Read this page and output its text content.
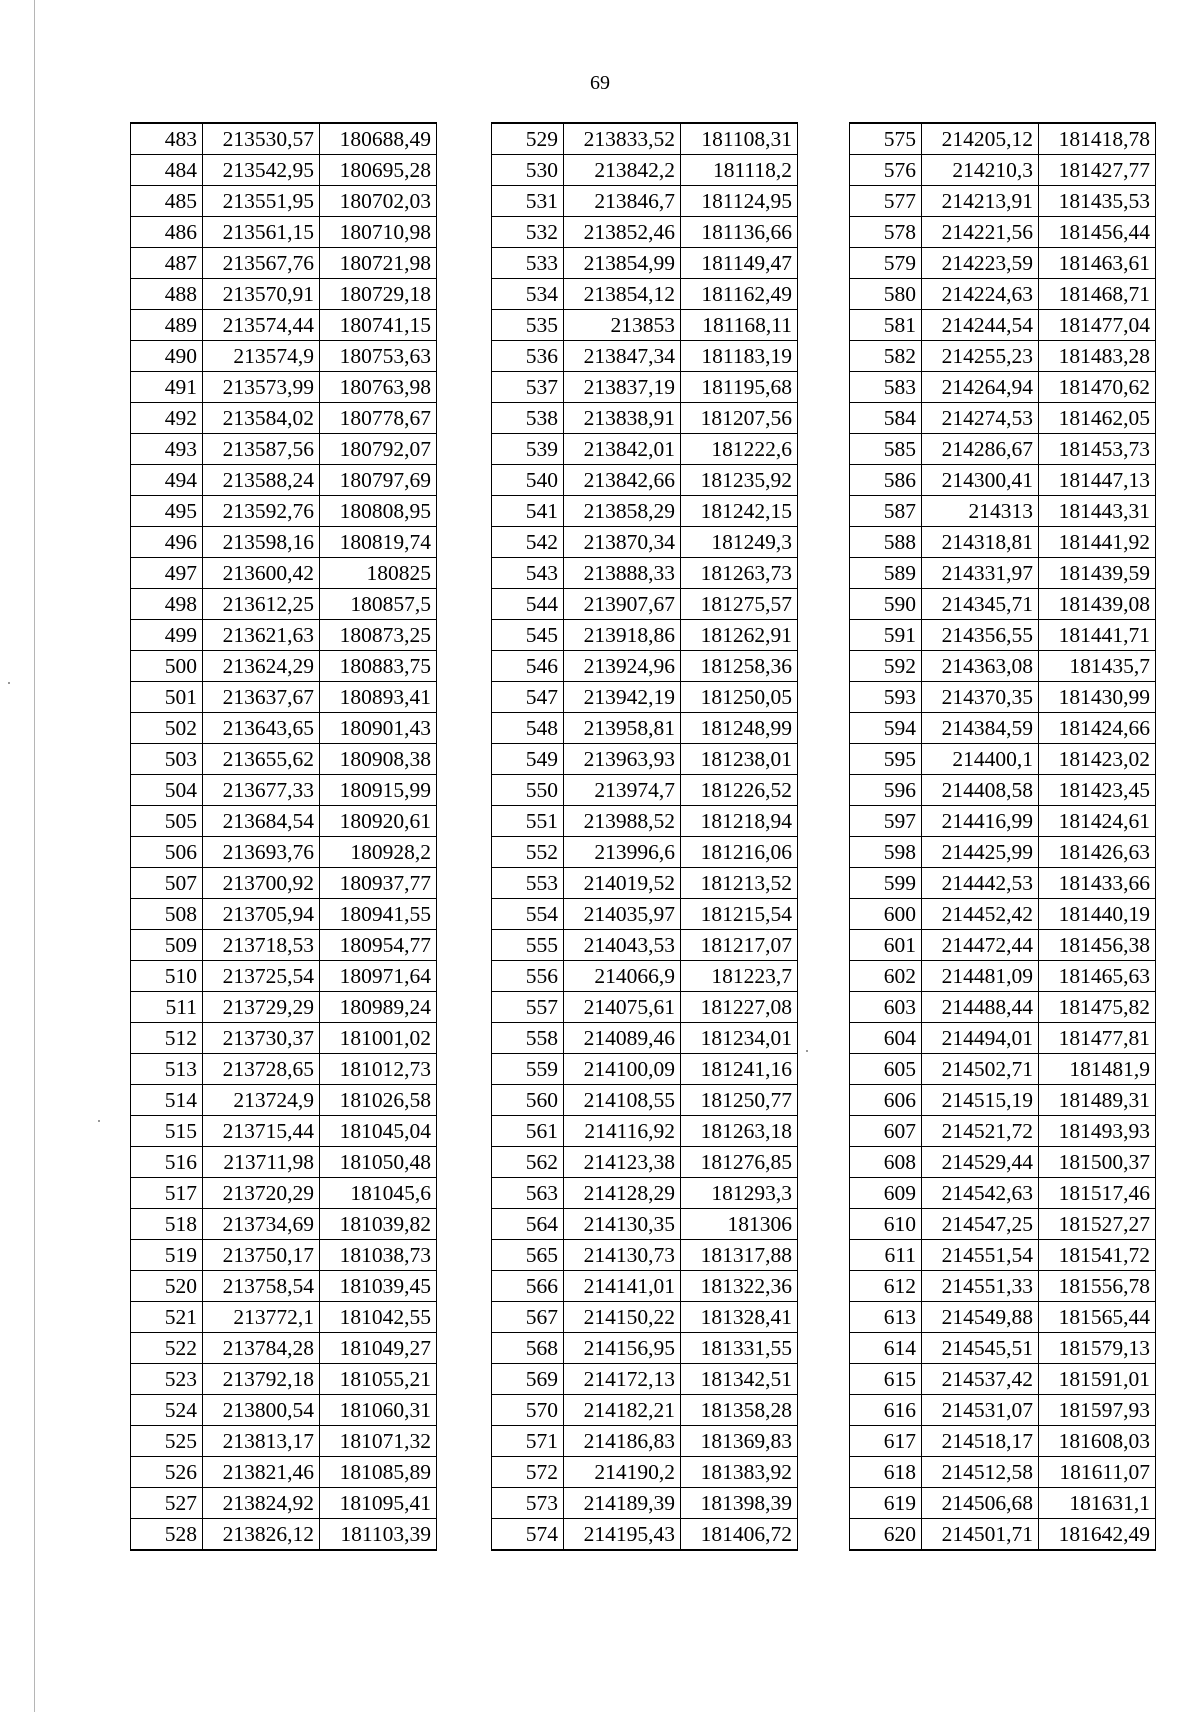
69
483	213530,57	180688,49
484	213542,95	180695,28
485	213551,95	180702,03
486	213561,15	180710,98
487	213567,76	180721,98
488	213570,91	180729,18
489	213574,44	180741,15
490	213574,9	180753,63
491	213573,99	180763,98
492	213584,02	180778,67
493	213587,56	180792,07
494	213588,24	180797,69
495	213592,76	180808,95
496	213598,16	180819,74
497	213600,42	180825
498	213612,25	180857,5
499	213621,63	180873,25
500	213624,29	180883,75
501	213637,67	180893,41
502	213643,65	180901,43
503	213655,62	180908,38
504	213677,33	180915,99
505	213684,54	180920,61
506	213693,76	180928,2
507	213700,92	180937,77
508	213705,94	180941,55
509	213718,53	180954,77
510	213725,54	180971,64
511	213729,29	180989,24
512	213730,37	181001,02
513	213728,65	181012,73
514	213724,9	181026,58
515	213715,44	181045,04
516	213711,98	181050,48
517	213720,29	181045,6
518	213734,69	181039,82
519	213750,17	181038,73
520	213758,54	181039,45
521	213772,1	181042,55
522	213784,28	181049,27
523	213792,18	181055,21
524	213800,54	181060,31
525	213813,17	181071,32
526	213821,46	181085,89
527	213824,92	181095,41
528	213826,12	181103,39
529	213833,52	181108,31
530	213842,2	181118,2
531	213846,7	181124,95
532	213852,46	181136,66
533	213854,99	181149,47
534	213854,12	181162,49
535	213853	181168,11
536	213847,34	181183,19
537	213837,19	181195,68
538	213838,91	181207,56
539	213842,01	181222,6
540	213842,66	181235,92
541	213858,29	181242,15
542	213870,34	181249,3
543	213888,33	181263,73
544	213907,67	181275,57
545	213918,86	181262,91
546	213924,96	181258,36
547	213942,19	181250,05
548	213958,81	181248,99
549	213963,93	181238,01
550	213974,7	181226,52
551	213988,52	181218,94
552	213996,6	181216,06
553	214019,52	181213,52
554	214035,97	181215,54
555	214043,53	181217,07
556	214066,9	181223,7
557	214075,61	181227,08
558	214089,46	181234,01
559	214100,09	181241,16
560	214108,55	181250,77
561	214116,92	181263,18
562	214123,38	181276,85
563	214128,29	181293,3
564	214130,35	181306
565	214130,73	181317,88
566	214141,01	181322,36
567	214150,22	181328,41
568	214156,95	181331,55
569	214172,13	181342,51
570	214182,21	181358,28
571	214186,83	181369,83
572	214190,2	181383,92
573	214189,39	181398,39
574	214195,43	181406,72
575	214205,12	181418,78
576	214210,3	181427,77
577	214213,91	181435,53
578	214221,56	181456,44
579	214223,59	181463,61
580	214224,63	181468,71
581	214244,54	181477,04
582	214255,23	181483,28
583	214264,94	181470,62
584	214274,53	181462,05
585	214286,67	181453,73
586	214300,41	181447,13
587	214313	181443,31
588	214318,81	181441,92
589	214331,97	181439,59
590	214345,71	181439,08
591	214356,55	181441,71
592	214363,08	181435,7
593	214370,35	181430,99
594	214384,59	181424,66
595	214400,1	181423,02
596	214408,58	181423,45
597	214416,99	181424,61
598	214425,99	181426,63
599	214442,53	181433,66
600	214452,42	181440,19
601	214472,44	181456,38
602	214481,09	181465,63
603	214488,44	181475,82
604	214494,01	181477,81
605	214502,71	181481,9
606	214515,19	181489,31
607	214521,72	181493,93
608	214529,44	181500,37
609	214542,63	181517,46
610	214547,25	181527,27
611	214551,54	181541,72
612	214551,33	181556,78
613	214549,88	181565,44
614	214545,51	181579,13
615	214537,42	181591,01
616	214531,07	181597,93
617	214518,17	181608,03
618	214512,58	181611,07
619	214506,68	181631,1
620	214501,71	181642,49
